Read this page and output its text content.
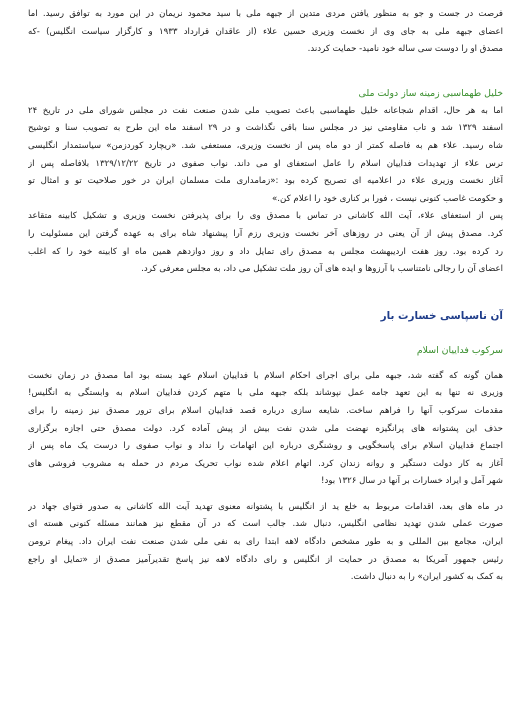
فرصت در جست و جو به منظور یافتن مردی متدین از جبهه ملی با سید محمود نریمان در این مورد به توافق رسید. اما
اعضای جبهه ملی به جای وی از نخست وزیری حسین علاء (از عاقدان قرارداد ۱۹۳۳ و کارگزار سیاست انگلیس) -که
مصدق او را دوست سی ساله خود نامید- حمایت کردند.
خلیل طهماسبی زمینه ساز دولت ملی
اما به هر حال، اقدام شجاعانه خلیل طهماسبی باعث تصویب ملی شدن صنعت نفت در مجلس شورای ملی در تاریخ ۲۴
اسفند ۱۳۲۹ شد و تاب مقاومتی نیز در مجلس سنا باقی نگذاشت و در ۲۹ اسفند ماه این طرح به تصویب سنا و توشیح
شاه رسید. علاء هم به فاصله کمتر از دو ماه پس از نخست وزیری، مستعفی شد. «ریچارد کوردزمن» سیاستمدار انگلیسی
ترس علاء از تهدیدات فداییان اسلام را عامل استعفای او می داند. نواب صفوی در تاریخ ۱۳۲۹/۱۲/۲۲ بلافاصله پس از
آغاز نخست وزیری علاء در اعلامیه ای تصریح کرده بود :«زمامداری ملت مسلمان ایران در خور صلاحیت تو و امثال تو
و حکومت غاصب کنونی نیست ، فورا بر کناری خود را اعلام کن.»
پس از استعفای علاء، آیت الله کاشانی در تماس با مصدق وی را برای پذیرفتن نخست وزیری و تشکیل کابینه متقاعد
کرد. مصدق پیش از آن یعنی در روزهای آخر نخست وزیری رزم آرا پیشنهاد شاه برای به عهده گرفتن این مسئولیت را
رد کرده بود. روز هفت اردیبهشت مجلس به مصدق رای تمایل داد و روز دوازدهم همین ماه او کابینه خود را که اغلب
اعضای آن را رجالی نامتناسب با آرزوها و ایده های آن روز ملت تشکیل می داد، به مجلس معرفی کرد.
آن ناسپاسی خسارت بار
سرکوب فداییان اسلام
همان گونه که گفته شد، جبهه ملی برای اجرای احکام اسلام با فداییان اسلام عهد بسته بود اما مصدق در زمان نخست
وزیری نه تنها به این تعهد جامه عمل نپوشاند بلکه جبهه ملی با متهم کردن فداییان اسلام به وابستگی به انگلیس!
مقدمات سرکوب آنها را فراهم ساخت. شایعه سازی درباره قصد فداییان اسلام برای ترور مصدق نیز زمینه را برای
حذف این پشتوانه های پرانگیزه نهضت ملی شدن نفت بیش از پیش آماده کرد. دولت مصدق حتی اجازه برگزاری
اجتماع فداییان اسلام برای پاسخگویی و روشنگری درباره این اتهامات را نداد و نواب صفوی را درست یک ماه پس از
آغاز به کار دولت دستگیر و روانه زندان کرد. اتهام اعلام شده نواب تحریک مردم در حمله به مشروب فروشی های
شهر آمل و ایراد خسارات بر آنها در سال ۱۳۲۶ بود!
در ماه های بعد، اقدامات مربوط به خلع ید از انگلیس با پشتوانه معنوی تهدید آیت الله کاشانی به صدور فتوای جهاد در
صورت عملی شدن تهدید نظامی انگلیس، دنبال شد. جالب است که در آن مقطع نیز همانند مسئله کنونی هسته ای
ایران، مجامع بین المللی و به طور مشخص دادگاه لاهه ابتدا رای به نفی ملی شدن صنعت نفت ایران داد. پیغام ترومن
رئیس جمهور آمریکا به مصدق در حمایت از انگلیس و رای دادگاه لاهه نیز پاسخ تقدیرآمیز مصدق از «تمایل او راجع
به کمک به کشور ایران» را به دنبال داشت.
